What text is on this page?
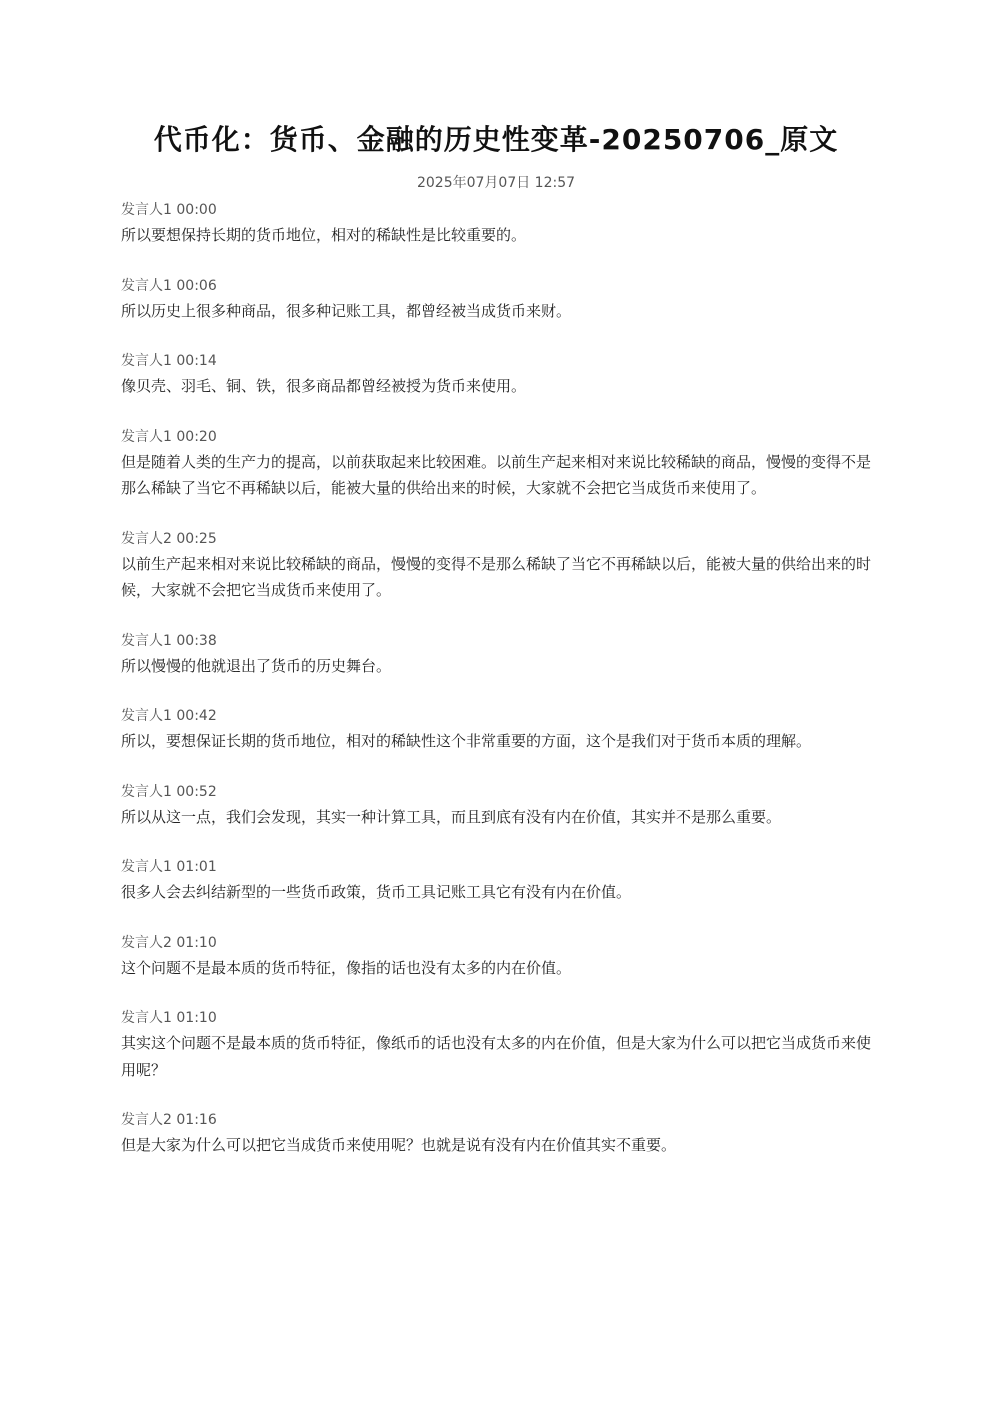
代币化：货币、金融的历史性变革-20250706_原文
2025年07月07日 12:57
发言人1 00:00
所以要想保持长期的货币地位，相对的稀缺性是比较重要的。
发言人1 00:06
所以历史上很多种商品，很多种记账工具，都曾经被当成货币来财。
发言人1 00:14
像贝壳、羽毛、铜、铁，很多商品都曾经被授为货币来使用。
发言人1 00:20
但是随着人类的生产力的提高，以前获取起来比较困难。以前生产起来相对来说比较稀缺的商品，慢慢的变得不是那么稀缺了当它不再稀缺以后，能被大量的供给出来的时候，大家就不会把它当成货币来使用了。
发言人2 00:25
以前生产起来相对来说比较稀缺的商品，慢慢的变得不是那么稀缺了当它不再稀缺以后，能被大量的供给出来的时候，大家就不会把它当成货币来使用了。
发言人1 00:38
所以慢慢的他就退出了货币的历史舞台。
发言人1 00:42
所以，要想保证长期的货币地位，相对的稀缺性这个非常重要的方面，这个是我们对于货币本质的理解。
发言人1 00:52
所以从这一点，我们会发现，其实一种计算工具，而且到底有没有内在价值，其实并不是那么重要。
发言人1 01:01
很多人会去纠结新型的一些货币政策，货币工具记账工具它有没有内在价值。
发言人2 01:10
这个问题不是最本质的货币特征，像指的话也没有太多的内在价值。
发言人1 01:10
其实这个问题不是最本质的货币特征，像纸币的话也没有太多的内在价值，但是大家为什么可以把它当成货币来使用呢？
发言人2 01:16
但是大家为什么可以把它当成货币来使用呢？也就是说有没有内在价值其实不重要。
